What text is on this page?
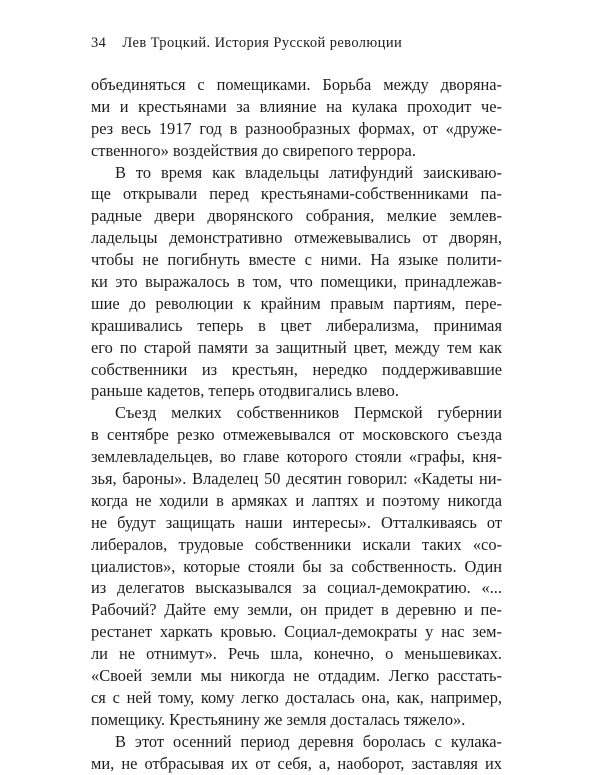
34 Лев Троцкий. История Русской революции
объединяться с помещиками. Борьба между дворяна-
ми и крестьянами за влияние на кулака проходит че-
рез весь 1917 год в разнообразных формах, от «друже-
ственного» воздействия до свирепого террора.
В то время как владельцы латифундий заискиваю-
ще открывали перед крестьянами-собственниками па-
радные двери дворянского собрания, мелкие землев-
ладельцы демонстративно отмежевывались от дворян,
чтобы не погибнуть вместе с ними. На языке полити-
ки это выражалось в том, что помещики, принадлежав-
шие до революции к крайним правым партиям, пере-
крашивались теперь в цвет либерализма, принимая
его по старой памяти за защитный цвет, между тем как
собственники из крестьян, нередко поддерживавшие
раньше кадетов, теперь отодвигались влево.
Съезд мелких собственников Пермской губернии
в сентябре резко отмежевывался от московского съезда
землевладельцев, во главе которого стояли «графы, кня-
зья, бароны». Владелец 50 десятин говорил: «Кадеты ни-
когда не ходили в армяках и лаптях и поэтому никогда
не будут защищать наши интересы». Отталкиваясь от
либералов, трудовые собственники искали таких «со-
циалистов», которые стояли бы за собственность. Один
из делегатов высказывался за социал-демократию. «...
Рабочий? Дайте ему земли, он придет в деревню и пе-
рестанет харкать кровью. Социал-демократы у нас зем-
ли не отнимут». Речь шла, конечно, о меньшевиках.
«Своей земли мы никогда не отдадим. Легко расстать-
ся с ней тому, кому легко досталась она, как, например,
помещику. Крестьянину же земля досталась тяжело».
В этот осенний период деревня боролась с кулака-
ми, не отбрасывая их от себя, а, наоборот, заставляя их
